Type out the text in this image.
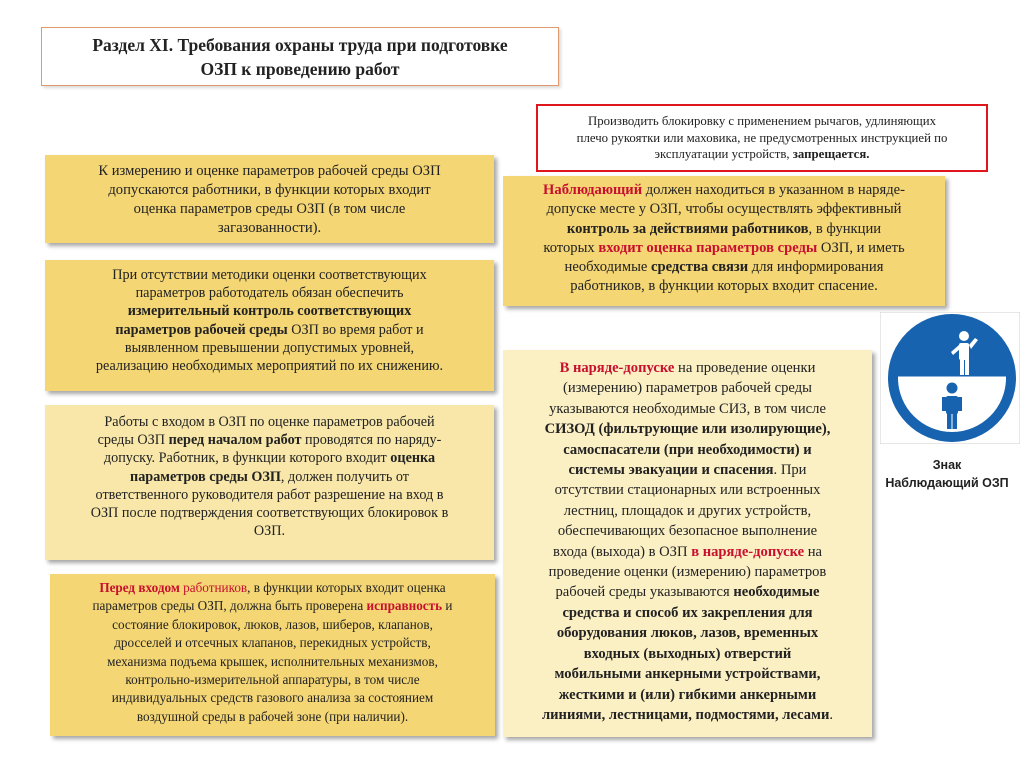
Раздел XI. Требования охраны труда при подготовке
ОЗП к проведению работ
Производить блокировку с применением рычагов, удлиняющих
плечо рукоятки или маховика, не предусмотренных инструкцией по
эксплуатации устройств, запрещается.
К измерению и оценке параметров рабочей среды ОЗП
допускаются работники, в функции которых входит
оценка параметров среды ОЗП (в том числе
загазованности).
При отсутствии методики оценки соответствующих
параметров работодатель обязан обеспечить
измерительный контроль соответствующих
параметров рабочей среды ОЗП во время работ и
выявленном превышении допустимых уровней,
реализацию необходимых мероприятий по их снижению.
Работы с входом в ОЗП по оценке параметров рабочей
среды ОЗП перед началом работ проводятся по наряду-
допуску. Работник, в функции которого входит оценка
параметров среды ОЗП, должен получить от
ответственного руководителя работ разрешение на вход в
ОЗП после подтверждения соответствующих блокировок в
ОЗП.
Перед входом работников, в функции которых входит оценка
параметров среды ОЗП, должна быть проверена исправность и
состояние блокировок, люков, лазов, шиберов, клапанов,
дросселей и отсечных клапанов, перекидных устройств,
механизма подъема крышек, исполнительных механизмов,
контрольно-измерительной аппаратуры, в том числе
индивидуальных средств газового анализа за состоянием
воздушной среды в рабочей зоне (при наличии).
Наблюдающий должен находиться в указанном в наряде-
допуске месте у ОЗП, чтобы осуществлять эффективный
контроль за действиями работников, в функции
которых входит оценка параметров среды ОЗП, и иметь
необходимые средства связи для информирования
работников, в функции которых входит спасение.
В наряде-допуске на проведение оценки
(измерению) параметров рабочей среды
указываются необходимые СИЗ, в том числе
СИЗОД (фильтрующие или изолирующие),
самоспасатели (при необходимости) и
системы эвакуации и спасения. При
отсутствии стационарных или встроенных
лестниц, площадок и других устройств,
обеспечивающих безопасное выполнение
входа (выхода) в ОЗП в наряде-допуске на
проведение оценки (измерению) параметров
рабочей среды указываются необходимые
средства и способ их закрепления для
оборудования люков, лазов, временных
входных (выходных) отверстий
мобильными анкерными устройствами,
жесткими и (или) гибкими анкерными
линиями, лестницами, подмостями, лесами.
Знак
Наблюдающий ОЗП
